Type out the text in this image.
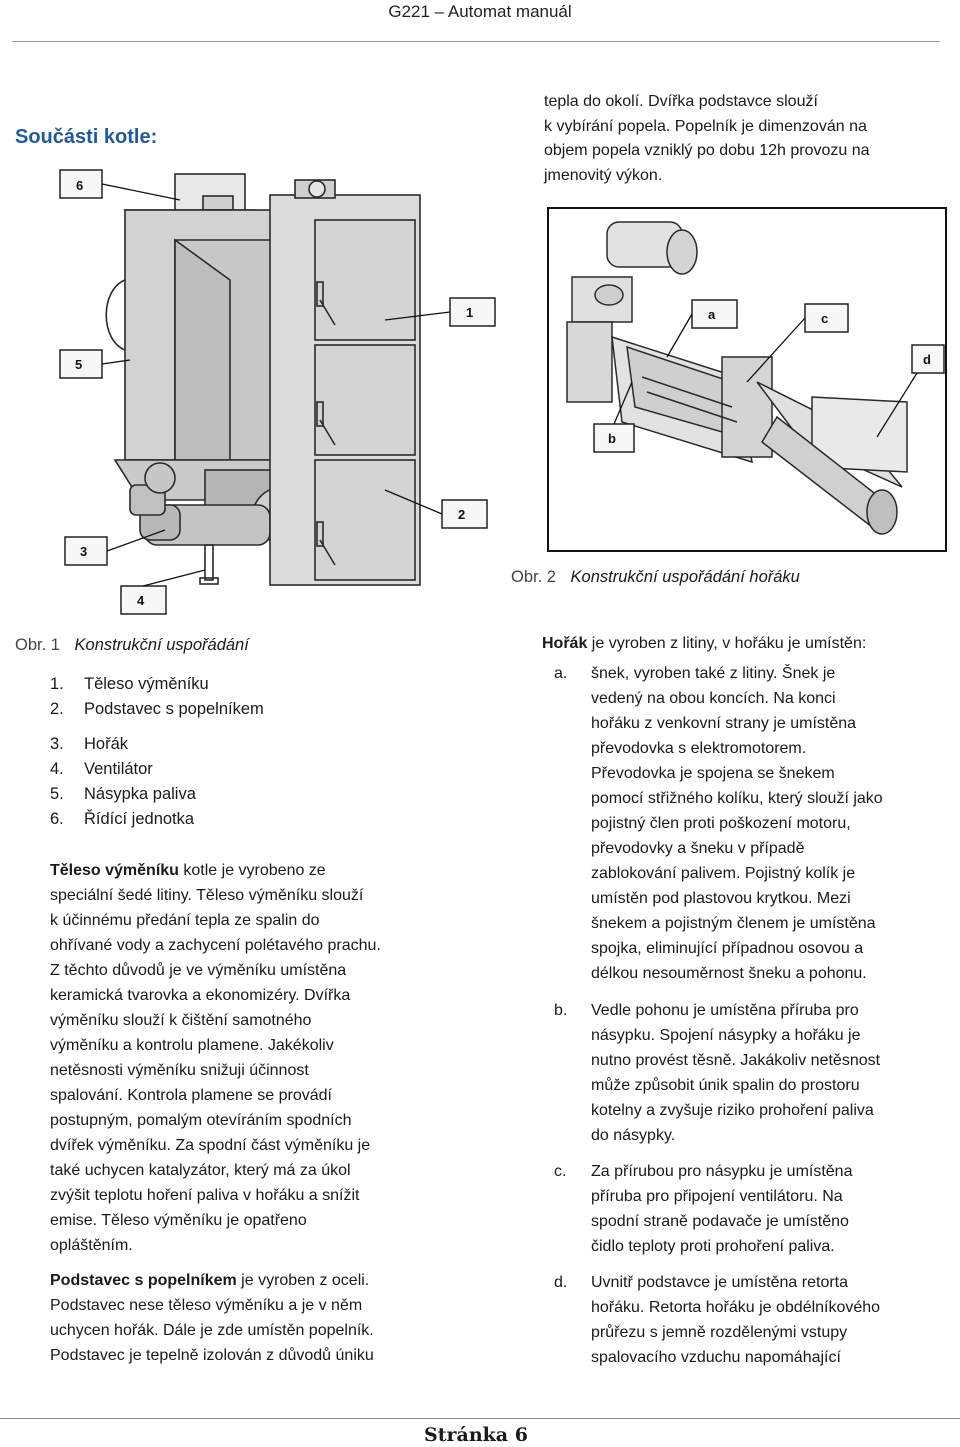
G221 – Automat manuál
Součásti kotle:
tepla do okolí. Dvířka podstavce slouží
k vybírání popela. Popelník je dimenzován na
objem popela vzniklý po dobu 12h provozu na
jmenovitý výkon.
6
1
5
2
3
4
a	c
d
b
Obr. 1 Konstrukční uspořádání
Obr. 2 Konstrukční uspořádání hořáku
1. Těleso výměníku
2. Podstavec s popelníkem
3. Hořák
4. Ventilátor
5. Násypka paliva
6. Řídící jednotka
Těleso výměníku kotle je vyrobeno ze
speciální šedé litiny. Těleso výměníku slouží
k účinnému předání tepla ze spalin do
ohřívané vody a zachycení polétavého prachu.
Z těchto důvodů je ve výměníku umístěna
keramická tvarovka a ekonomizéry. Dvířka
výměníku slouží k čištění samotného
výměníku a kontrolu plamene. Jakékoliv
netěsnosti výměníku snižuji účinnost
spalování. Kontrola plamene se provádí
postupným, pomalým otevíráním spodních
dvířek výměníku. Za spodní část výměníku je
také uchycen katalyzátor, který má za úkol
zvýšit teplotu hoření paliva v hořáku a snížit
emise. Těleso výměníku je opatřeno
opláštěním.
Podstavec s popelníkem je vyroben z oceli.
Podstavec nese těleso výměníku a je v něm
uchycen hořák. Dále je zde umístěn popelník.
Podstavec je tepelně izolován z důvodů úniku
Hořák je vyroben z litiny, v hořáku je umístěn:
a.	šnek, vyroben také z litiny. Šnek je
vedený na obou koncích. Na konci
hořáku z venkovní strany je umístěna
převodovka s elektromotorem.
Převodovka je spojena se šnekem
pomocí střižného kolíku, který slouží jako
pojistný člen proti poškození motoru,
převodovky a šneku v případě
zablokování palivem. Pojistný kolík je
umístěn pod plastovou krytkou. Mezi
šnekem a pojistným členem je umístěna
spojka, eliminující případnou osovou a
délkou nesouměrnost šneku a pohonu.
b.	Vedle pohonu je umístěna příruba pro
násypku. Spojení násypky a hořáku je
nutno provést těsně. Jakákoliv netěsnost
může způsobit únik spalin do prostoru
kotelny a zvyšuje riziko prohoření paliva
do násypky.
c.	Za přírubou pro násypku je umístěna
příruba pro připojení ventilátoru. Na
spodní straně podavače je umístěno
čidlo teploty proti prohoření paliva.
d.	Uvnitř podstavce je umístěna retorta
hořáku. Retorta hořáku je obdélníkového
průřezu s jemně rozdělenými vstupy
spalovacího vzduchu napomáhající
Stránka 6
